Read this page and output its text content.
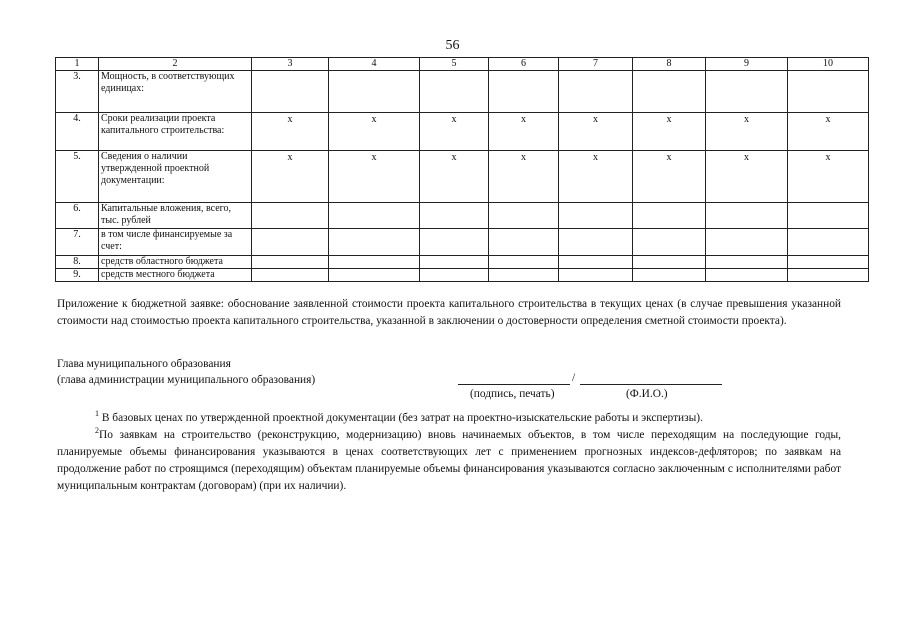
56
1	2	3	4	5	6	7	8	9	10
3.	Мощность, в соответствующих единицах:								
4.	Сроки реализации проекта капитального строительства:	x	x	x	x	x	x	x	x
5.	Сведения о наличии утвержденной проектной документации:	x	x	x	x	x	x	x	x
6.	Капитальные вложения, всего, тыс. рублей								
7.	в том числе финансируемые за счет:								
8.	средств областного бюджета								
9.	средств местного бюджета								
Приложение к бюджетной заявке: обоснование заявленной стоимости проекта капитального строительства в текущих ценах (в случае превышения указанной стоимости над стоимостью проекта капитального строительства, указанной в заключении о достоверности определения сметной стоимости проекта).
Глава муниципального образования
(глава администрации муниципального образования)	/
(подпись, печать)	(Ф.И.О.)
$^1$ В базовых ценах по утвержденной проектной документации (без затрат на проектно-изыскательские работы и экспертизы).
$^2$По заявкам на строительство (реконструкцию, модернизацию) вновь начинаемых объектов, в том числе переходящим на последующие годы, планируемые объемы финансирования указываются в ценах соответствующих лет с применением прогнозных индексов-дефляторов; по заявкам на продолжение работ по строящимся (переходящим) объектам планируемые объемы финансирования указываются согласно заключенным с исполнителями работ муниципальным контрактам (договорам) (при их наличии).
